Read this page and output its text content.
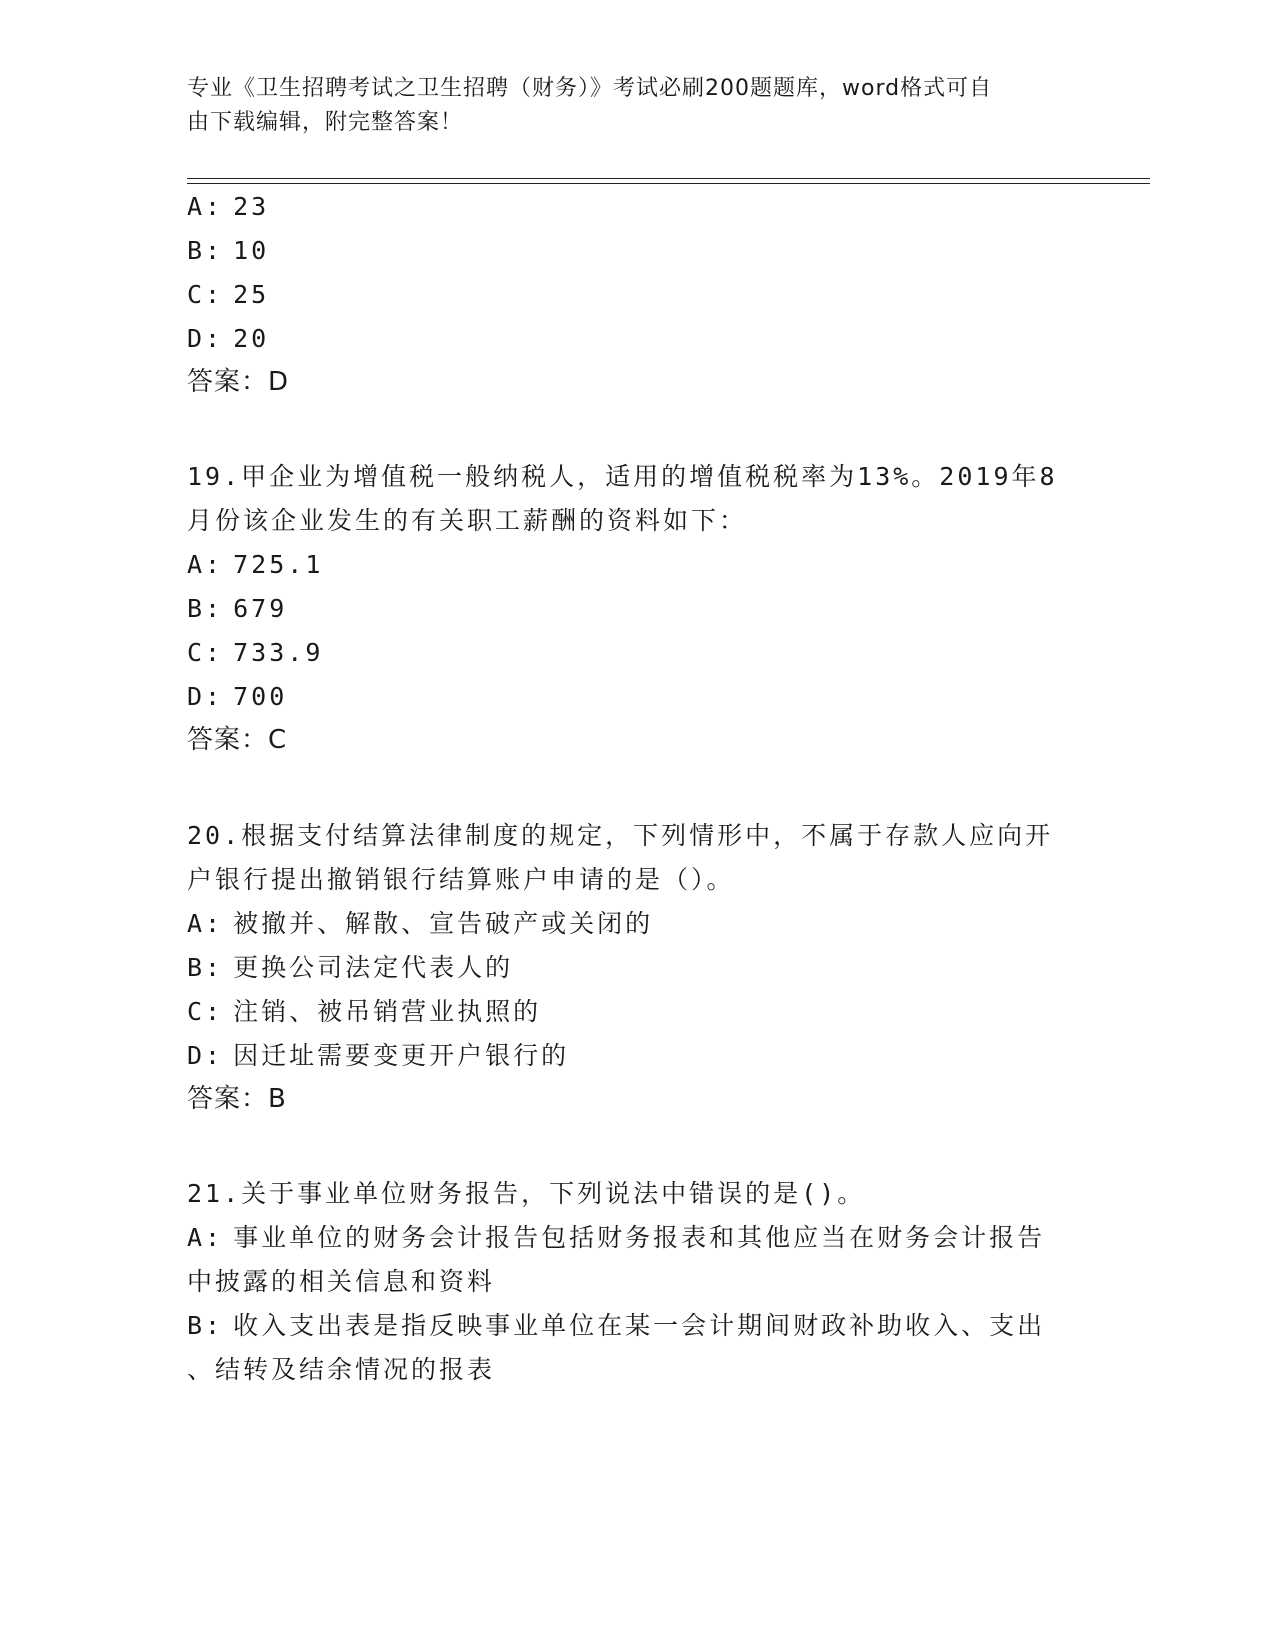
专业《卫生招聘考试之卫生招聘（财务）》考试必刷200题题库，word格式可自
由下载编辑，附完整答案！
A: 23
B: 10
C: 25
D: 20
答案：D
19.甲企业为增值税一般纳税人，适用的增值税税率为13%。2019年8
月份该企业发生的有关职工薪酬的资料如下：
A: 725.1
B: 679
C: 733.9
D: 700
答案：C
20.根据支付结算法律制度的规定，下列情形中，不属于存款人应向开
户银行提出撤销银行结算账户申请的是（）。
A: 被撤并、解散、宣告破产或关闭的
B: 更换公司法定代表人的
C: 注销、被吊销营业执照的
D: 因迁址需要变更开户银行的
答案：B
21.关于事业单位财务报告，下列说法中错误的是()。
A: 事业单位的财务会计报告包括财务报表和其他应当在财务会计报告
中披露的相关信息和资料
B: 收入支出表是指反映事业单位在某一会计期间财政补助收入、支出
、结转及结余情况的报表
